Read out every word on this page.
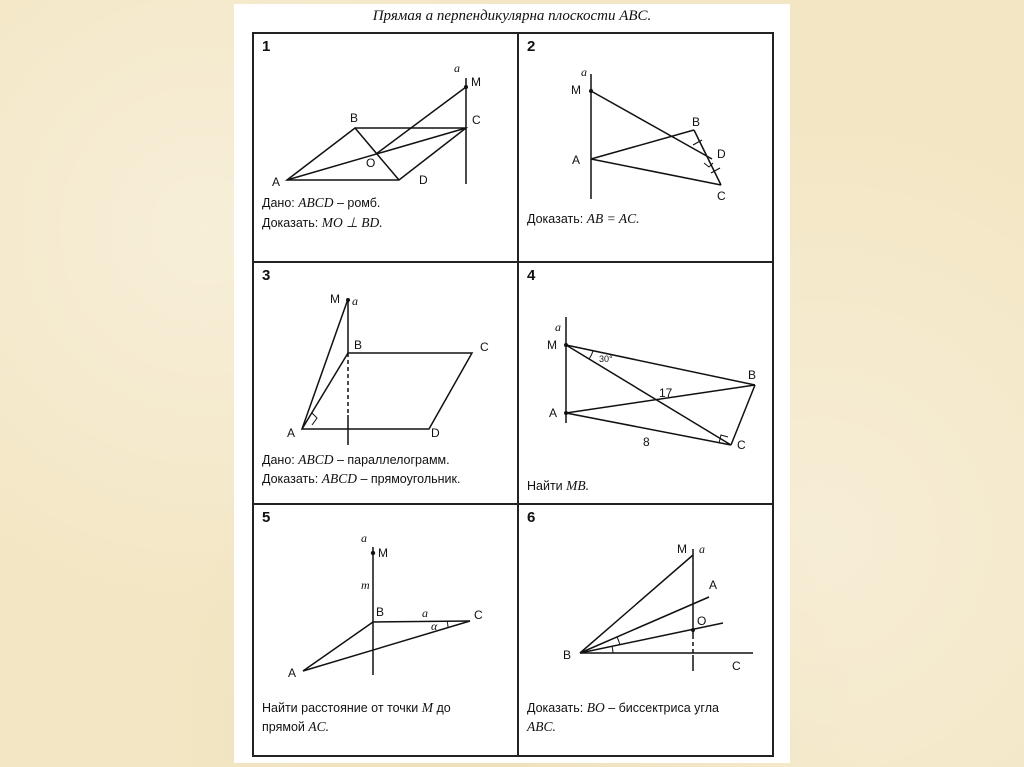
Прямая a перпендикулярна плоскости ABC.
1
a
M
B	C
O
A	D
Дано: ABCD – ромб.
Доказать: MO ⊥ BD.
2
a
M
B
D
A
C
Доказать: AB = AC.
3
M a
B	C
A	D
Дано: ABCD – параллелограмм.
Доказать: ABCD – прямоугольник.
4
a
M
B
A
C
30°
17
8
Найти MB.
5
a
M
m
B	a
α
C
A
Найти расстояние от точки M до
прямой AC.
6
M a
A
O
B
C
Доказать: BO – биссектриса угла
ABC.
